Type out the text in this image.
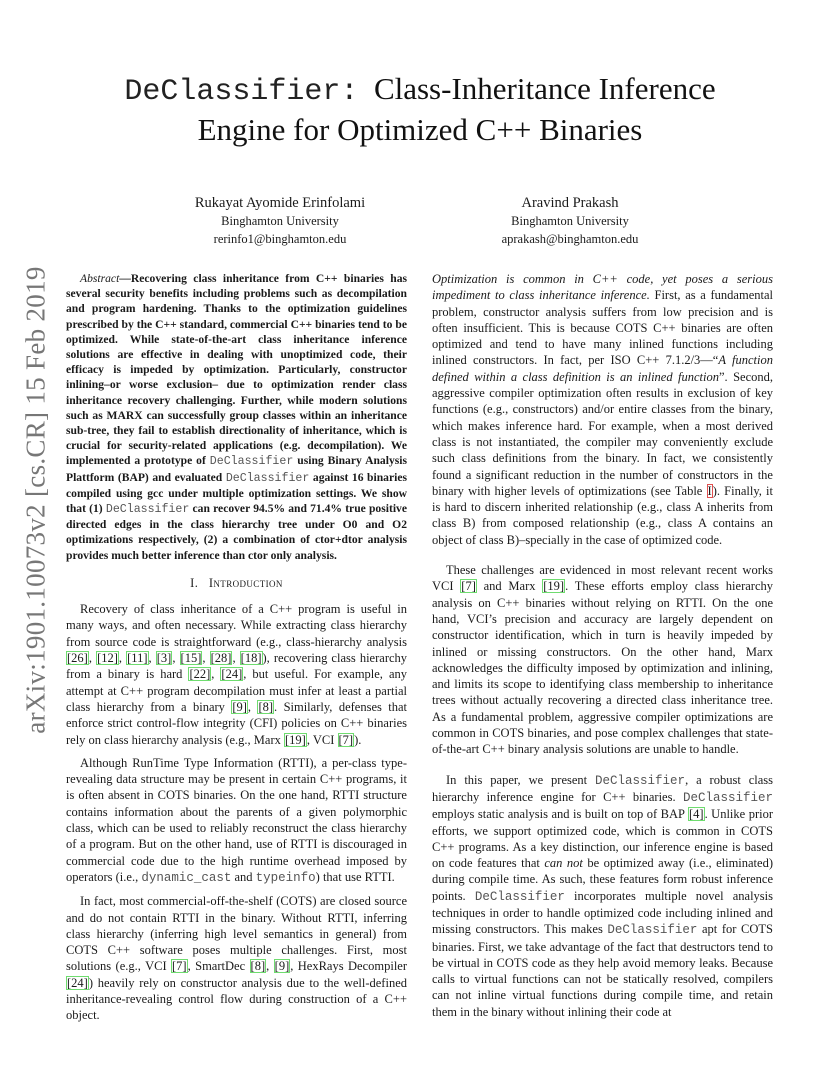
arXiv:1901.10073v2 [cs.CR] 15 Feb 2019
DeClassifier: Class-Inheritance Inference
Engine for Optimized C++ Binaries
Rukayat Ayomide Erinfolami
Binghamton University
rerinfo1@binghamton.edu
Aravind Prakash
Binghamton University
aprakash@binghamton.edu

Abstract—Recovering class inheritance from C++ binaries has several security benefits including problems such as decompilation and program hardening. Thanks to the optimization guidelines prescribed by the C++ standard, commercial C++ binaries tend to be optimized. While state-of-the-art class inheritance inference solutions are effective in dealing with unoptimized code, their efficacy is impeded by optimization. Particularly, constructor inlining–or worse exclusion– due to optimization render class inheritance recovery challenging. Further, while modern solutions such as MARX can successfully group classes within an inheritance sub-tree, they fail to establish directionality of inheritance, which is crucial for security-related applications (e.g. decompilation). We implemented a prototype of DeClassifier using Binary Analysis Plattform (BAP) and evaluated DeClassifier against 16 binaries compiled using gcc under multiple optimization settings. We show that (1) DeClassifier can recover 94.5% and 71.4% true positive directed edges in the class hierarchy tree under O0 and O2 optimizations respectively, (2) a combination of ctor+dtor analysis provides much better inference than ctor only analysis.

I. Introduction

Recovery of class inheritance of a C++ program is useful in many ways, and often necessary. While extracting class hierarchy from source code is straightforward (e.g., class-hierarchy analysis [26], [12], [11], [3], [15], [28], [18]), recovering class hierarchy from a binary is hard [22], [24], but useful. For example, any attempt at C++ program decompilation must infer at least a partial class hierarchy from a binary [9], [8]. Similarly, defenses that enforce strict control-flow integrity (CFI) policies on C++ binaries rely on class hierarchy analysis (e.g., Marx [19], VCI [7]).

Although RunTime Type Information (RTTI), a per-class type-revealing data structure may be present in certain C++ programs, it is often absent in COTS binaries. On the one hand, RTTI structure contains information about the parents of a given polymorphic class, which can be used to reliably reconstruct the class hierarchy of a program. But on the other hand, use of RTTI is discouraged in commercial code due to the high runtime overhead imposed by operators (i.e., dynamic_cast and typeinfo) that use RTTI.

In fact, most commercial-off-the-shelf (COTS) are closed source and do not contain RTTI in the binary. Without RTTI, inferring class hierarchy (inferring high level semantics in general) from COTS C++ software poses multiple challenges. First, most solutions (e.g., VCI [7], SmartDec [8], [9], HexRays Decompiler [24]) heavily rely on constructor analysis due to the well-defined inheritance-revealing control flow during construction of a C++ object.

Optimization is common in C++ code, yet poses a serious impediment to class inheritance inference. First, as a fundamental problem, constructor analysis suffers from low precision and is often insufficient. This is because COTS C++ binaries are often optimized and tend to have many inlined functions including inlined constructors. In fact, per ISO C++ 7.1.2/3—“A function defined within a class definition is an inlined function”. Second, aggressive compiler optimization often results in exclusion of key functions (e.g., constructors) and/or entire classes from the binary, which makes inference hard. For example, when a most derived class is not instantiated, the compiler may conveniently exclude such class definitions from the binary. In fact, we consistently found a significant reduction in the number of constructors in the binary with higher levels of optimizations (see Table I). Finally, it is hard to discern inherited relationship (e.g., class A inherits from class B) from composed relationship (e.g., class A contains an object of class B)–specially in the case of optimized code.

These challenges are evidenced in most relevant recent works VCI [7] and Marx [19]. These efforts employ class hierarchy analysis on C++ binaries without relying on RTTI. On the one hand, VCI’s precision and accuracy are largely dependent on constructor identification, which in turn is heavily impeded by inlined or missing constructors. On the other hand, Marx acknowledges the difficulty imposed by optimization and inlining, and limits its scope to identifying class membership to inheritance trees without actually recovering a directed class inheritance tree. As a fundamental problem, aggressive compiler optimizations are common in COTS binaries, and pose complex challenges that state-of-the-art C++ binary analysis solutions are unable to handle.

In this paper, we present DeClassifier, a robust class hierarchy inference engine for C++ binaries. DeClassifier employs static analysis and is built on top of BAP [4]. Unlike prior efforts, we support optimized code, which is common in COTS C++ programs. As a key distinction, our inference engine is based on code features that can not be optimized away (i.e., eliminated) during compile time. As such, these features form robust inference points. DeClassifier incorporates multiple novel analysis techniques in order to handle optimized code including inlined and missing constructors. This makes DeClassifier apt for COTS binaries. First, we take advantage of the fact that destructors tend to be virtual in COTS code as they help avoid memory leaks. Because calls to virtual functions can not be statically resolved, compilers can not inline virtual functions during compile time, and retain them in the binary without inlining their code at
